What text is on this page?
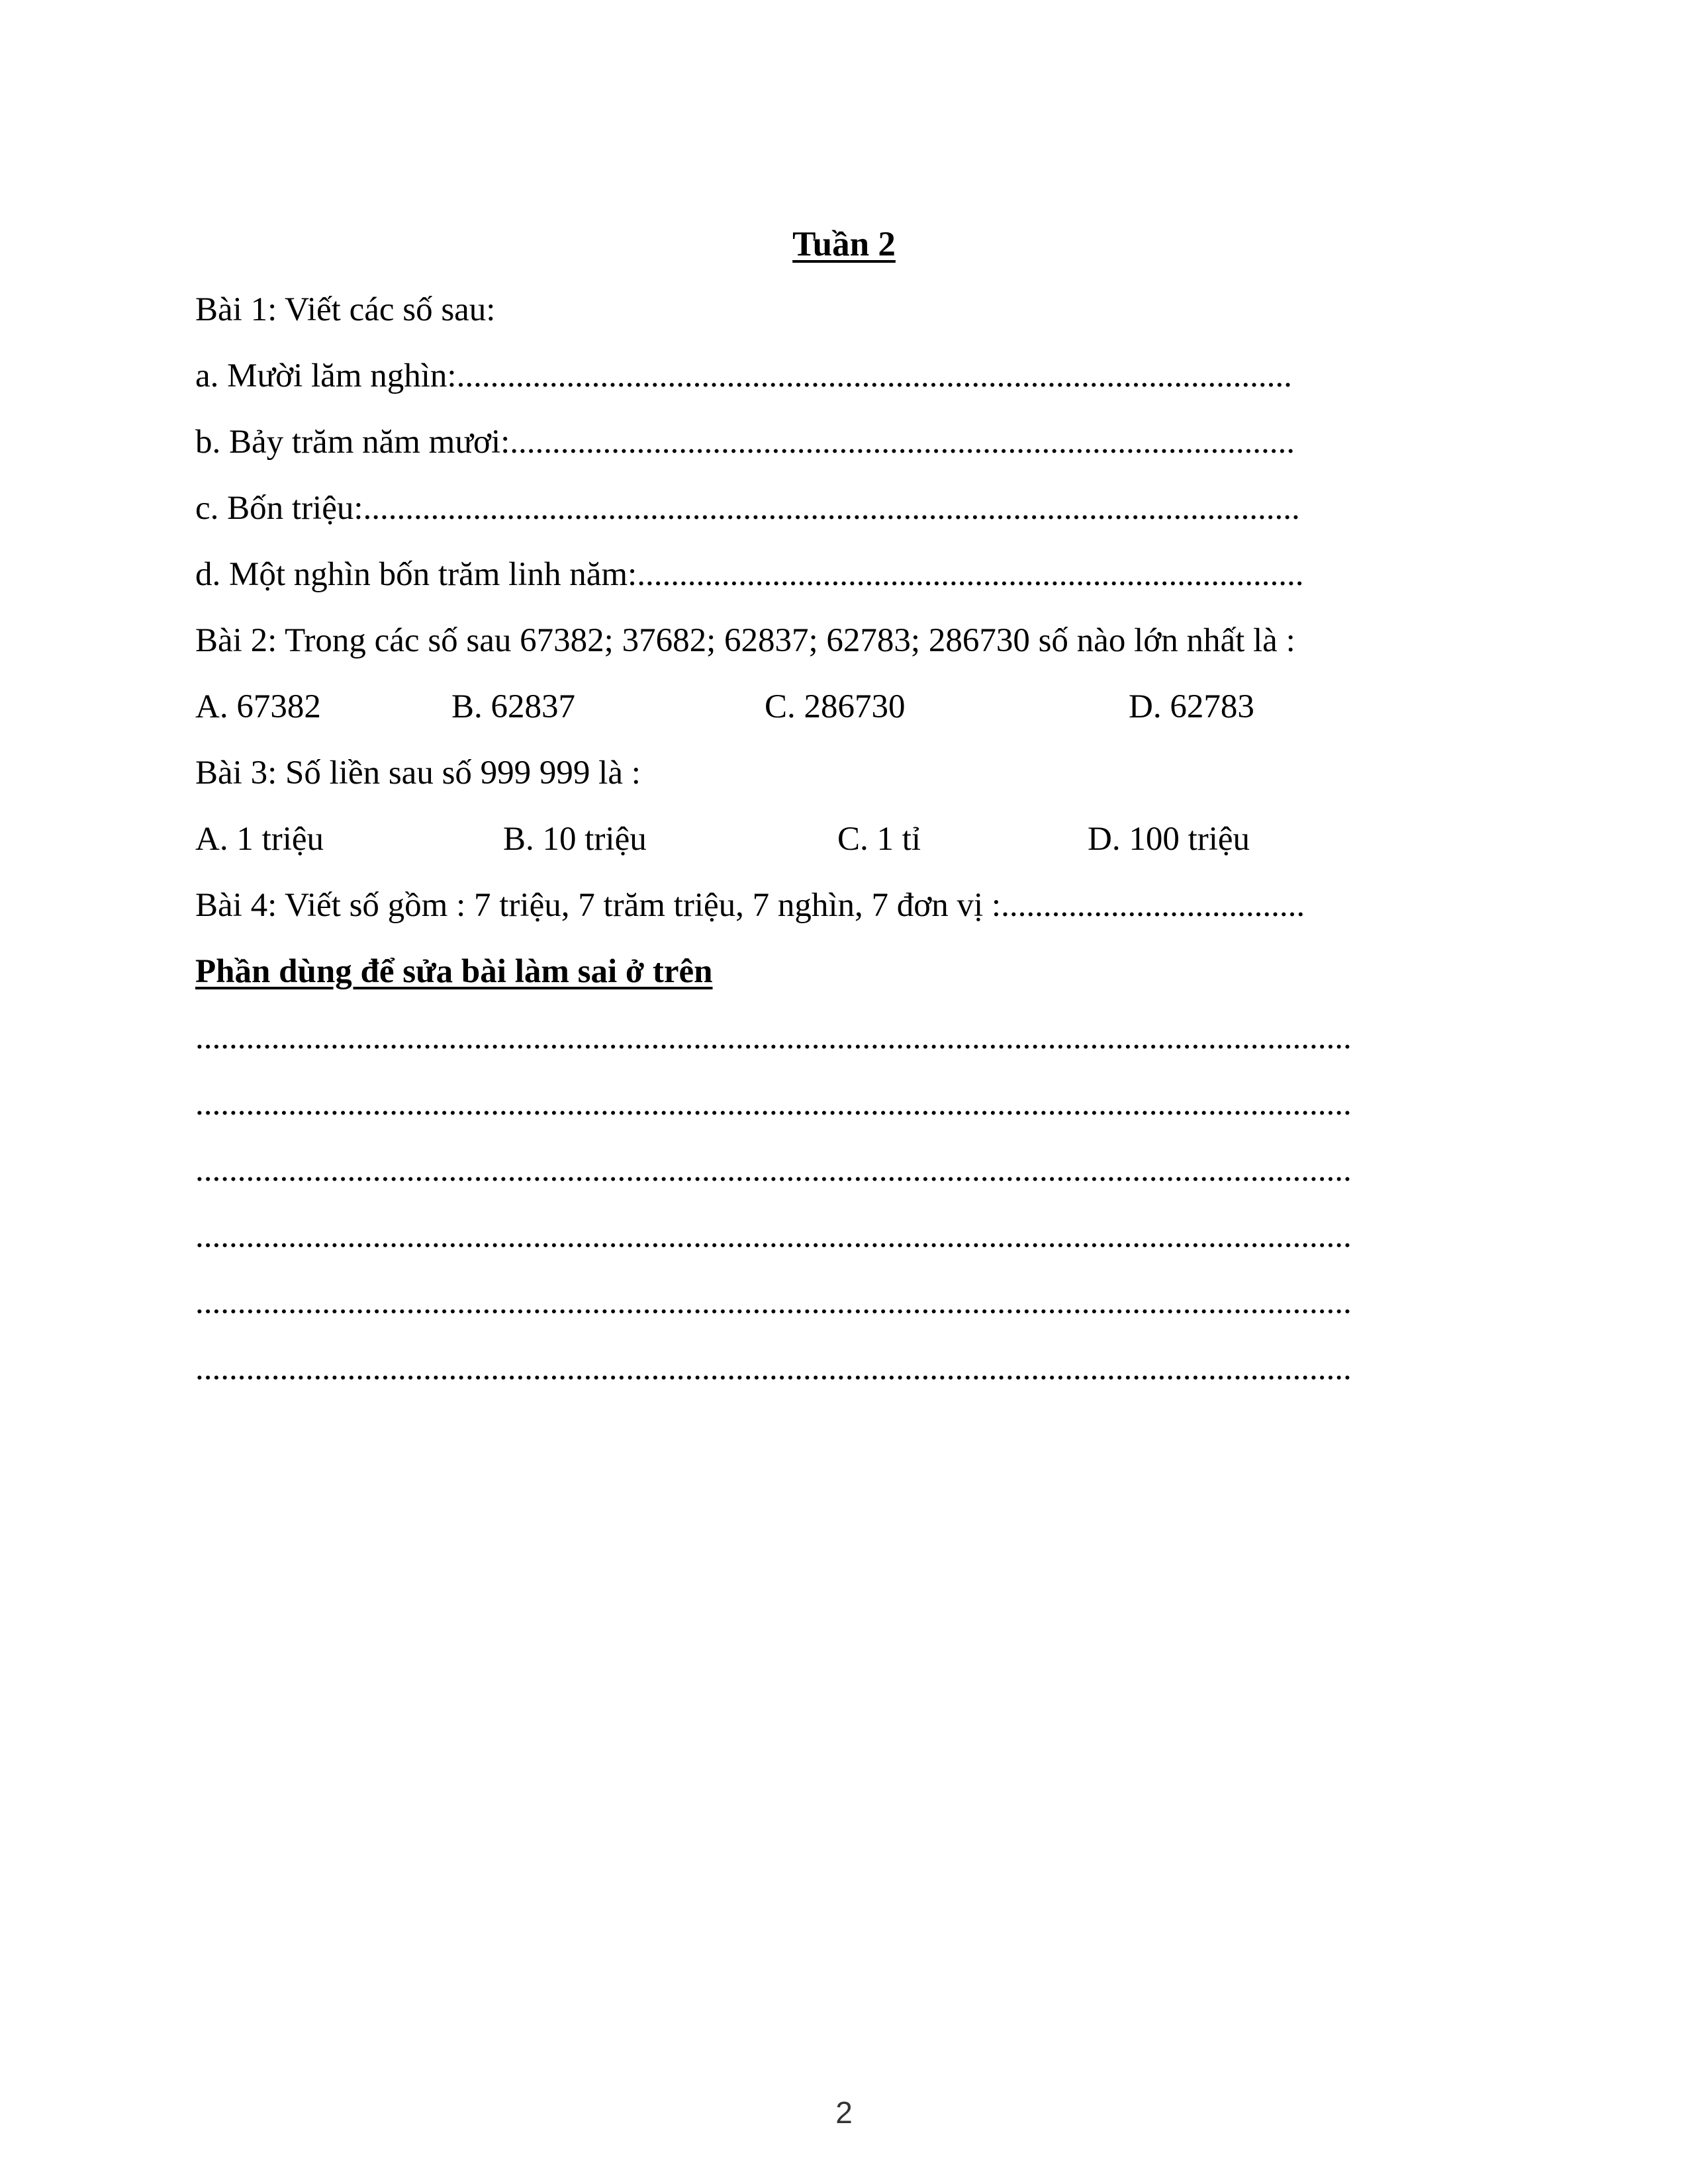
Tuần 2
Bài 1: Viết các số sau:
a. Mười lăm nghìn:...................................................................................................
b. Bảy trăm năm mươi:.............................................................................................
c. Bốn triệu:...............................................................................................................
d. Một nghìn bốn trăm linh năm:...............................................................................
Bài 2: Trong các số sau 67382; 37682; 62837; 62783; 286730 số nào lớn nhất là :
A. 67382	B. 62837	C. 286730	D. 62783
Bài 3: Số liền sau số 999 999 là :
A. 1 triệu	B. 10 triệu	C. 1 tỉ	D. 100 triệu
Bài 4: Viết số gồm : 7 triệu, 7 trăm triệu, 7 nghìn, 7 đơn vị :....................................
Phần dùng để sửa bài làm sai ở trên
.........................................................................................................................................
.........................................................................................................................................
.........................................................................................................................................
.........................................................................................................................................
.........................................................................................................................................
.........................................................................................................................................
2
